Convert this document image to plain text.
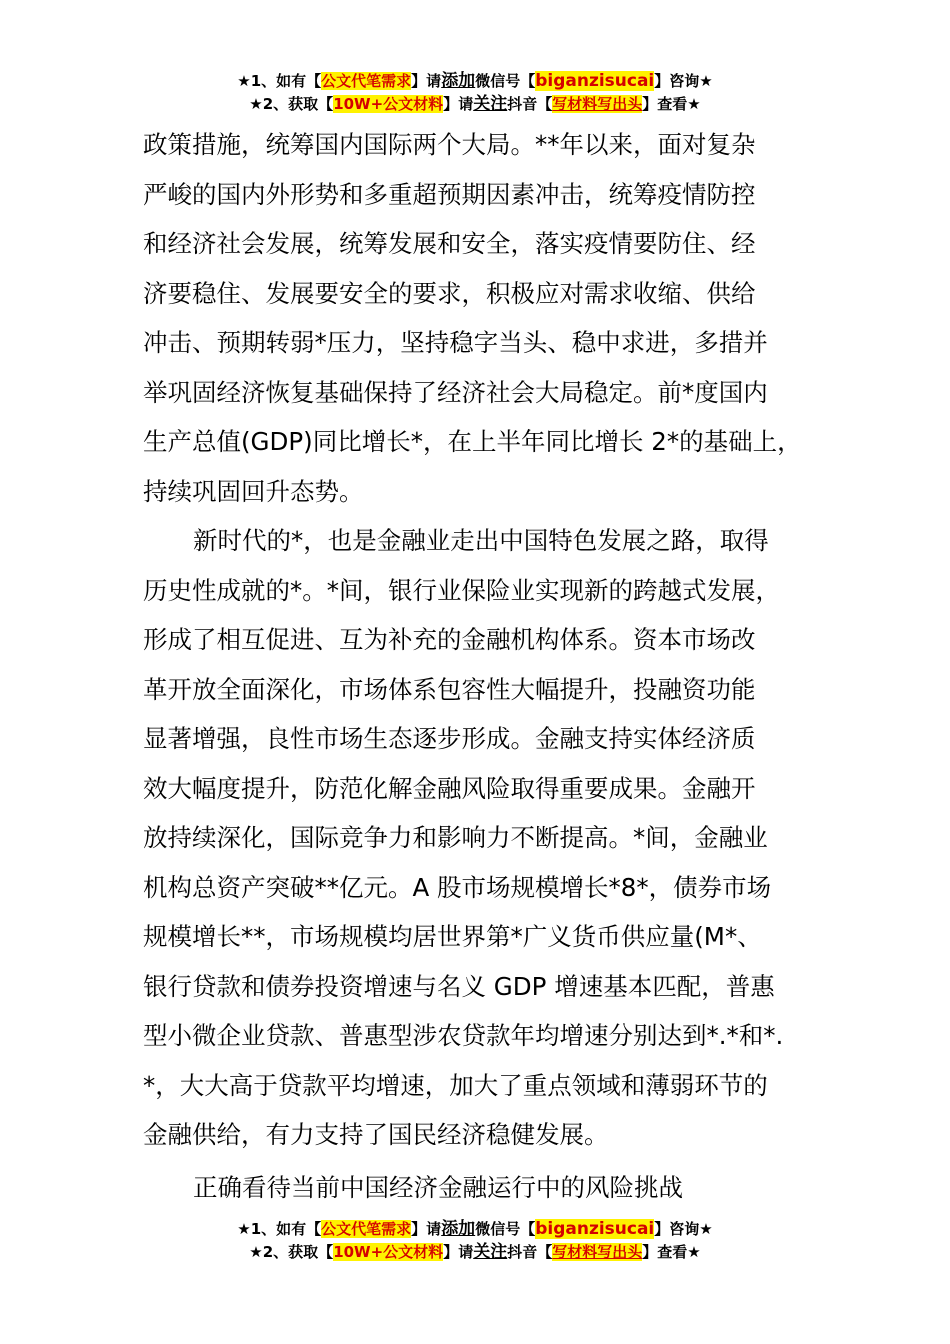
★1、如有【公文代笔需求】请添加微信号【biganzisucai】咨询★
★2、获取【10W+公文材料】请关注抖音【写材料写出头】查看★

政策措施，统筹国内国际两个大局。**年以来，面对复杂

严峻的国内外形势和多重超预期因素冲击，统筹疫情防控

和经济社会发展，统筹发展和安全，落实疫情要防住、经

济要稳住、发展要安全的要求，积极应对需求收缩、供给

冲击、预期转弱*压力，坚持稳字当头、稳中求进，多措并

举巩固经济恢复基础保持了经济社会大局稳定。前*度国内

生产总值(GDP)同比增长*，在上半年同比增长 2*的基础上，

持续巩固回升态势。

新时代的*，也是金融业走出中国特色发展之路，取得

历史性成就的*。*间，银行业保险业实现新的跨越式发展，

形成了相互促进、互为补充的金融机构体系。资本市场改

革开放全面深化，市场体系包容性大幅提升，投融资功能

显著增强，良性市场生态逐步形成。金融支持实体经济质

效大幅度提升，防范化解金融风险取得重要成果。金融开

放持续深化，国际竞争力和影响力不断提高。*间，金融业

机构总资产突破**亿元。A 股市场规模增长*8*，债券市场

规模增长**，市场规模均居世界第*广义货币供应量(M*、

银行贷款和债券投资增速与名义 GDP 增速基本匹配，普惠

型小微企业贷款、普惠型涉农贷款年均增速分别达到*.*和*.

*，大大高于贷款平均增速，加大了重点领域和薄弱环节的

金融供给，有力支持了国民经济稳健发展。

正确看待当前中国经济金融运行中的风险挑战
★1、如有【公文代笔需求】请添加微信号【biganzisucai】咨询★
★2、获取【10W+公文材料】请关注抖音【写材料写出头】查看★
